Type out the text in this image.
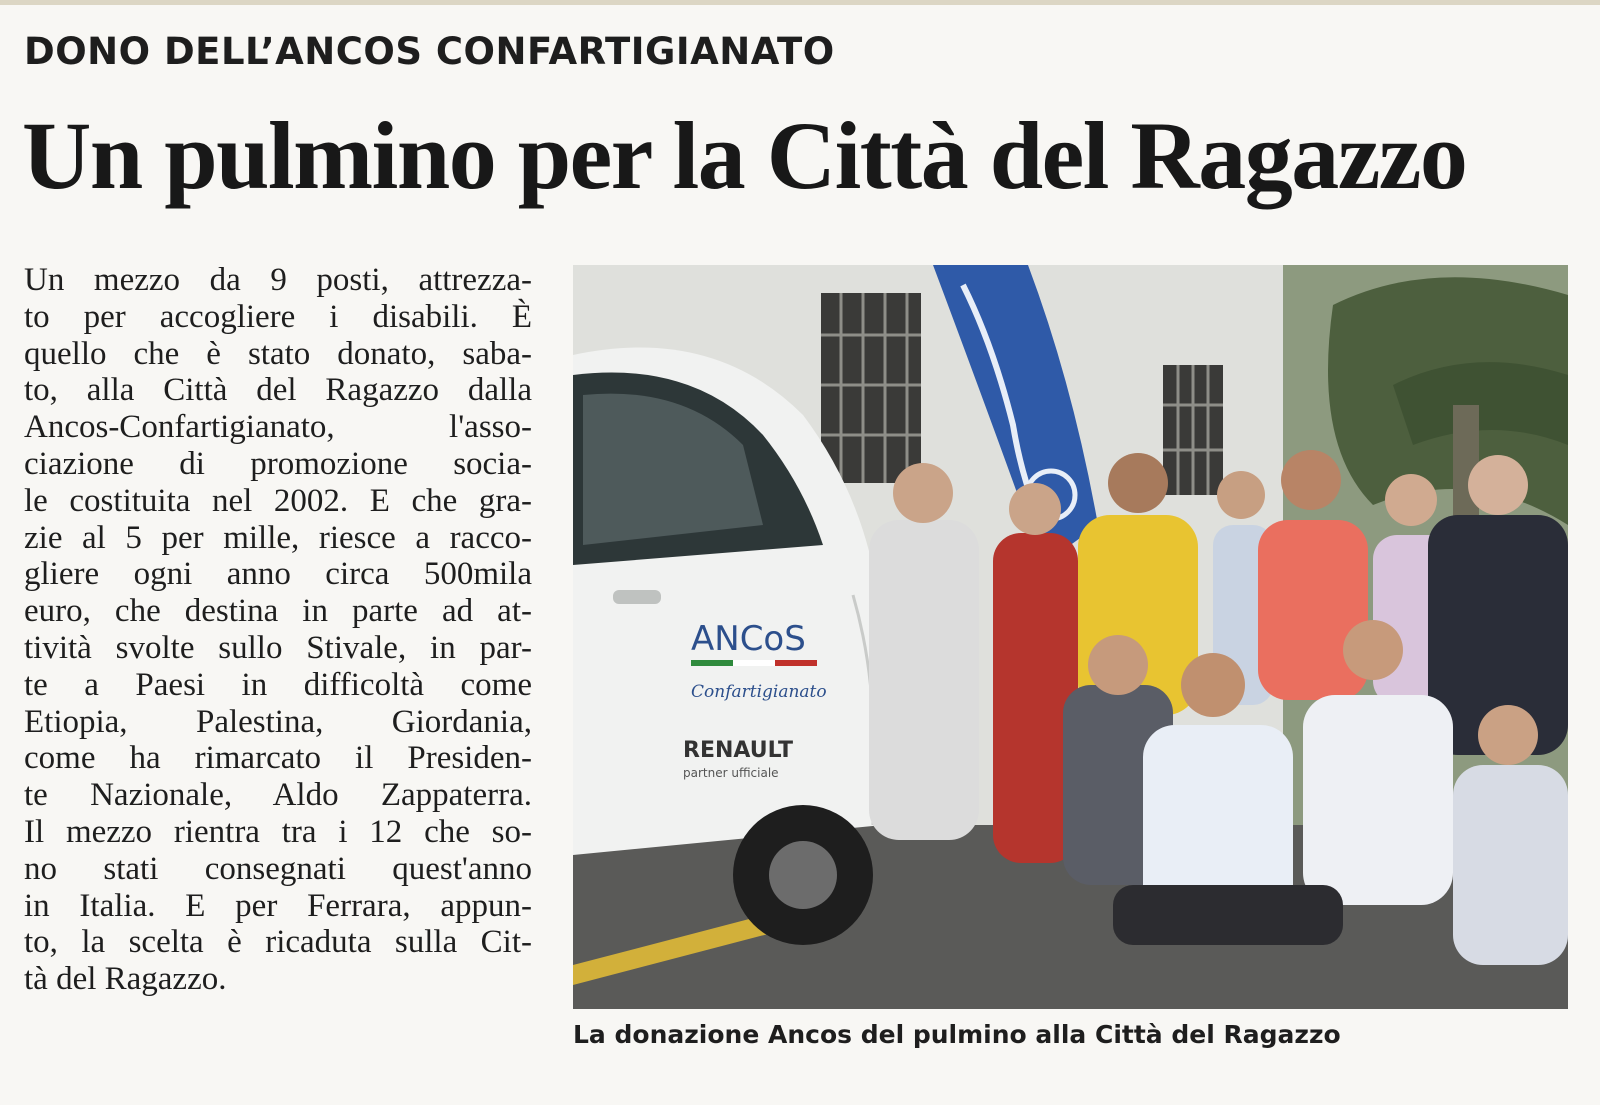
DONO DELL’ANCOS CONFARTIGIANATO
Un pulmino per la Città del Ragazzo
Un mezzo da 9 posti, attrezza-
to per accogliere i disabili. È
quello che è stato donato, saba-
to, alla Città del Ragazzo dalla
Ancos-Confartigianato, l'asso-
ciazione di promozione socia-
le costituita nel 2002. E che gra-
zie al 5 per mille, riesce a racco-
gliere ogni anno circa 500mila
euro, che destina in parte ad at-
tività svolte sullo Stivale, in par-
te a Paesi in difficoltà come
Etiopia, Palestina, Giordania,
come ha rimarcato il Presiden-
te Nazionale, Aldo Zappaterra.
Il mezzo rientra tra i 12 che so-
no stati consegnati quest'anno
in Italia. E per Ferrara, appun-
to, la scelta è ricaduta sulla Cit-
tà del Ragazzo.
ANCoS
Confartigianato
RENAULT
partner ufficiale
La donazione Ancos del pulmino alla Città del Ragazzo
